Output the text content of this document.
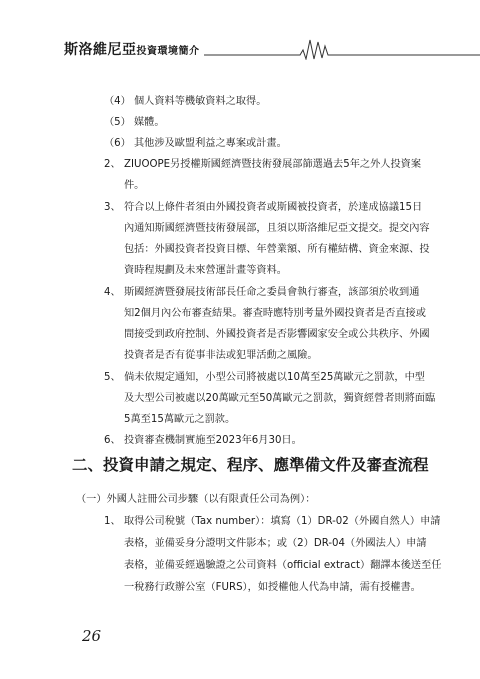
斯洛維尼亞投資環境簡介
（4） 個人資料等機敏資料之取得。
（5） 媒體。
（6） 其他涉及歐盟利益之專案或計畫。
2、 ZIUOOPE另授權斯國經濟暨技術發展部篩選過去5年之外人投資案
件。
3、 符合以上條件者須由外國投資者或斯國被投資者，於達成協議15日
內通知斯國經濟暨技術發展部，且須以斯洛維尼亞文提交。提交內容
包括：外國投資者投資目標、年營業額、所有權結構、資金來源、投
資時程規劃及未來營運計畫等資料。
4、 斯國經濟暨發展技術部長任命之委員會執行審查，該部須於收到通
知2個月內公布審查結果。審查時應特別考量外國投資者是否直接或
間接受到政府控制、外國投資者是否影響國家安全或公共秩序、外國
投資者是否有從事非法或犯罪活動之風險。
5、 倘未依規定通知，小型公司將被處以10萬至25萬歐元之罰款，中型
及大型公司被處以20萬歐元至50萬歐元之罰款，獨資經營者則將面臨
5萬至15萬歐元之罰款。
6、 投資審查機制實施至2023年6月30日。
二、投資申請之規定、程序、應準備文件及審查流程
（一）外國人註冊公司步驟（以有限責任公司為例）：
1、 取得公司稅號（Tax number）：填寫（1）DR-02（外國自然人）申請
表格，並備妥身分證明文件影本；或（2）DR-04（外國法人）申請
表格，並備妥經過驗證之公司資料（official extract）翻譯本後送至任
一稅務行政辦公室（FURS），如授權他人代為申請，需有授權書。
26
